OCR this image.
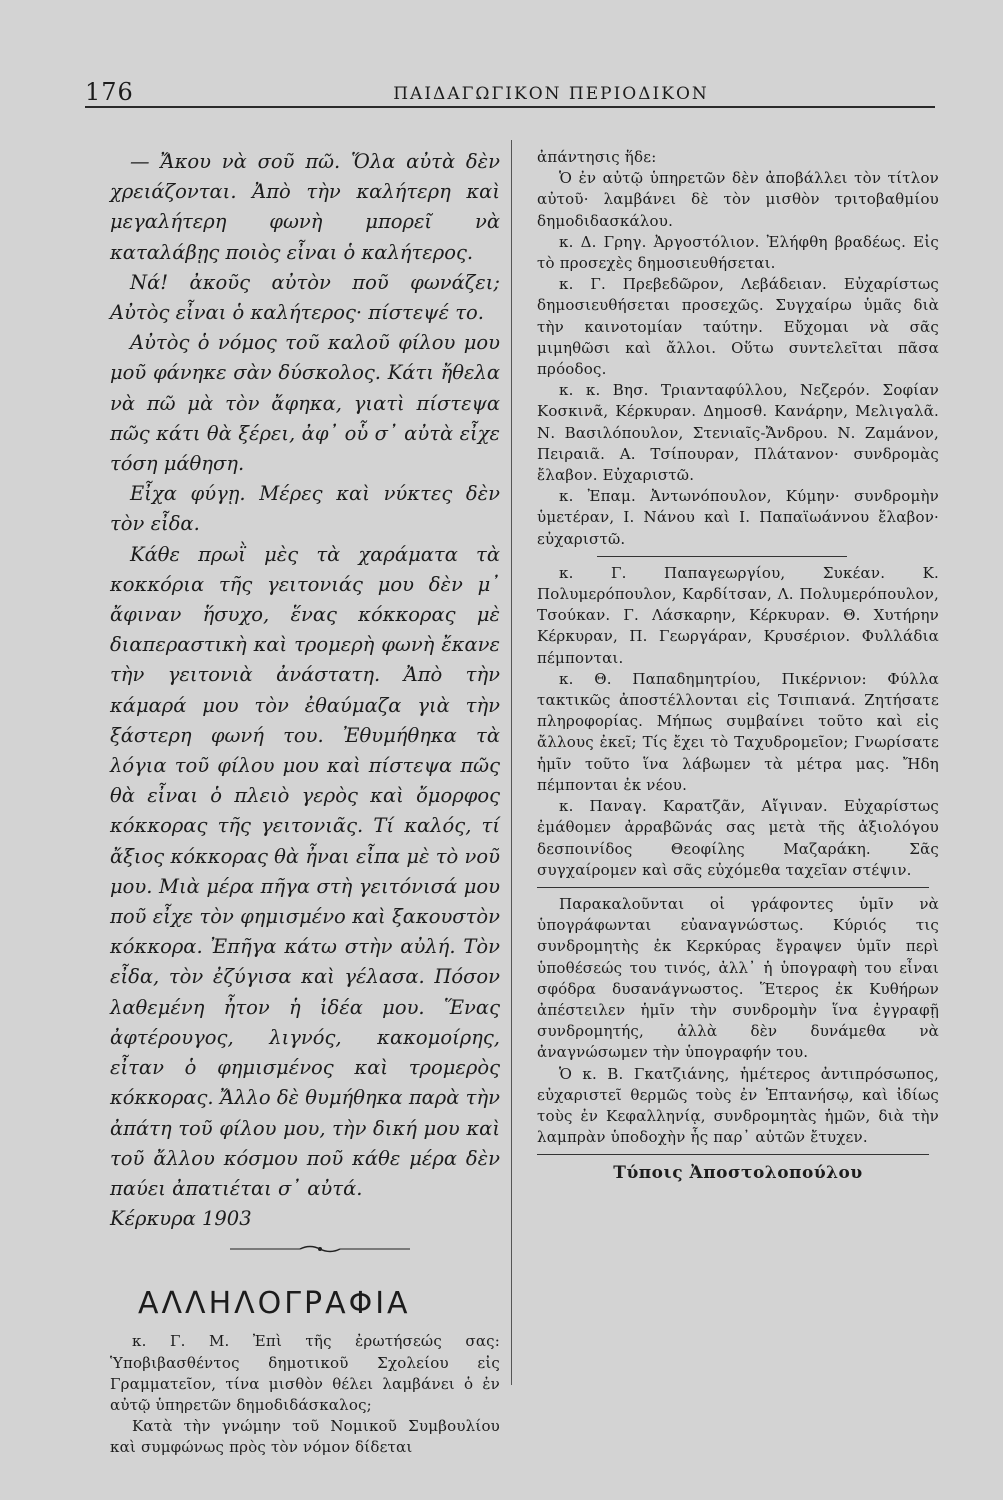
176	ΠΑΙΔΑΓΩΓΙΚΟΝ ΠΕΡΙΟΔΙΚΟΝ

— Ἄκου νὰ σοῦ πῶ. Ὅλα αὐτὰ δὲν χρειάζονται. Ἀπὸ τὴν καλήτερη καὶ μεγαλήτερη φωνὴ μπορεῖ νὰ καταλάβῃς ποιὸς εἶναι ὁ καλήτερος.

Νά! ἀκοῦς αὐτὸν ποῦ φωνάζει; Αὐτὸς εἶναι ὁ καλήτερος· πίστεψέ το.

Αὐτὸς ὁ νόμος τοῦ καλοῦ φίλου μου μοῦ φάνηκε σὰν δύσκολος. Κάτι ἤθελα νὰ πῶ μὰ τὸν ἄφηκα, γιατὶ πίστεψα πῶς κάτι θὰ ξέρει, ἀφ᾽ οὗ σ᾽ αὐτὰ εἶχε τόση μάθηση.

Εἶχα φύγῃ. Μέρες καὶ νύκτες δὲν τὸν εἶδα.

Κάθε πρωῒ μὲς τὰ χαράματα τὰ κοκκόρια τῆς γειτονιάς μου δὲν μ᾽ ἄφιναν ἥσυχο, ἕνας κόκκορας μὲ διαπεραστικὴ καὶ τρομερὴ φωνὴ ἔκανε τὴν γειτονιὰ ἀνάστατη. Ἀπὸ τὴν κάμαρά μου τὸν ἐθαύμαζα γιὰ τὴν ξάστερη φωνή του. Ἐθυμήθηκα τὰ λόγια τοῦ φίλου μου καὶ πίστεψα πῶς θὰ εἶναι ὁ πλειὸ γερὸς καὶ ὄμορφος κόκκορας τῆς γειτονιᾶς. Τί καλός, τί ἄξιος κόκκορας θὰ ἦναι εἶπα μὲ τὸ νοῦ μου. Μιὰ μέρα πῆγα στὴ γειτόνισά μου ποῦ εἶχε τὸν φημισμένο καὶ ξακουστὸν κόκκορα. Ἐπῆγα κάτω στὴν αὐλή. Τὸν εἶδα, τὸν ἐζύγισα καὶ γέλασα. Πόσον λαθεμένη ἦτον ἡ ἰδέα μου. Ἕνας ἀφτέρουγος, λιγνός, κακομοίρης, εἶταν ὁ φημισμένος καὶ τρομερὸς κόκκορας. Ἄλλο δὲ θυμήθηκα παρὰ τὴν ἀπάτη τοῦ φίλου μου, τὴν δική μου καὶ τοῦ ἄλλου κόσμου ποῦ κάθε μέρα δὲν παύει ἀπατιέται σ᾽ αὐτά.

Κέρκυρα 1903

ΑΛΛΗΛΟΓΡΑΦΙΑ

κ. Γ. Μ. Ἐπὶ τῆς ἐρωτήσεώς σας: Ὑποβιβασθέντος δημοτικοῦ Σχολείου εἰς Γραμματεῖον, τίνα μισθὸν θέλει λαμβάνει ὁ ἐν αὐτῷ ὑπηρετῶν δημοδιδάσκαλος;

Κατὰ τὴν γνώμην τοῦ Νομικοῦ Συμβουλίου καὶ συμφώνως πρὸς τὸν νόμον δίδεται

ἀπάντησις ἥδε:

Ὁ ἐν αὐτῷ ὑπηρετῶν δὲν ἀποβάλλει τὸν τίτλον αὐτοῦ· λαμβάνει δὲ τὸν μισθὸν τριτοβαθμίου δημοδιδασκάλου.

κ. Δ. Γρηγ. Ἀργοστόλιον. Ἐλήφθη βραδέως. Εἰς τὸ προσεχὲς δημοσιευθήσεται.

κ. Γ. Πρεβεδῶρον, Λεβάδειαν. Εὐχαρίστως δημοσιευθήσεται προσεχῶς. Συγχαίρω ὑμᾶς διὰ τὴν καινοτομίαν ταύτην. Εὔχομαι νὰ σᾶς μιμηθῶσι καὶ ἄλλοι. Οὕτω συντελεῖται πᾶσα πρόοδος.

κ. κ. Βησ. Τριανταφύλλου, Νεζερόν. Σοφίαν Κοσκινᾶ, Κέρκυραν. Δημοσθ. Κανάρην, Μελιγαλᾶ. Ν. Βασιλόπουλον, Στενιαῖς-Ἄνδρου. Ν. Ζαμάνον, Πειραιᾶ. Α. Τσίπουραν, Πλάτανον· συνδρομὰς ἔλαβον. Εὐχαριστῶ.

κ. Ἐπαμ. Ἀντωνόπουλον, Κύμην· συνδρομὴν ὑμετέραν, Ι. Νάνου καὶ Ι. Παπαϊωάννου ἔλαβον· εὐχαριστῶ.

κ. Γ. Παπαγεωργίου, Συκέαν. Κ. Πολυμερόπουλον, Καρδίτσαν, Λ. Πολυμερόπουλον, Τσούκαν. Γ. Λάσκαρην, Κέρκυραν. Θ. Χυτήρην Κέρκυραν, Π. Γεωργάραν, Κρυσέριον. Φυλλάδια πέμπονται.

κ. Θ. Παπαδημητρίου, Πικέρνιον: Φύλλα τακτικῶς ἀποστέλλονται εἰς Τσιπιανά. Ζητήσατε πληροφορίας. Μήπως συμβαίνει τοῦτο καὶ εἰς ἄλλους ἐκεῖ; Τίς ἔχει τὸ Ταχυδρομεῖον; Γνωρίσατε ἡμῖν τοῦτο ἵνα λάβωμεν τὰ μέτρα μας. Ἤδη πέμπονται ἐκ νέου.

κ. Παναγ. Καρατζᾶν, Αἴγιναν. Εὐχαρίστως ἐμάθομεν ἀρραβῶνάς σας μετὰ τῆς ἀξιολόγου δεσποινίδος Θεοφίλης Μαζαράκη. Σᾶς συγχαίρομεν καὶ σᾶς εὐχόμεθα ταχεῖαν στέψιν.

Παρακαλοῦνται οἱ γράφοντες ὑμῖν νὰ ὑπογράφωνται εὐαναγνώστως. Κύριός τις συνδρομητὴς ἐκ Κερκύρας ἔγραψεν ὑμῖν περὶ ὑποθέσεώς του τινός, ἀλλ᾽ ἡ ὑπογραφὴ του εἶναι σφόδρα δυσανάγνωστος. Ἕτερος ἐκ Κυθήρων ἀπέστειλεν ἡμῖν τὴν συνδρομὴν ἵνα ἐγγραφῇ συνδρομητής, ἀλλὰ δὲν δυνάμεθα νὰ ἀναγνώσωμεν τὴν ὑπογραφήν του.

Ὁ κ. Β. Γκατζιάνης, ἡμέτερος ἀντιπρόσωπος, εὐχαριστεῖ θερμῶς τοὺς ἐν Ἑπτανήσῳ, καὶ ἰδίως τοὺς ἐν Κεφαλληνίᾳ, συνδρομητὰς ἡμῶν, διὰ τὴν λαμπρὰν ὑποδοχὴν ἧς παρ᾽ αὐτῶν ἔτυχεν.

Τύποις Ἀποστολοπούλου
